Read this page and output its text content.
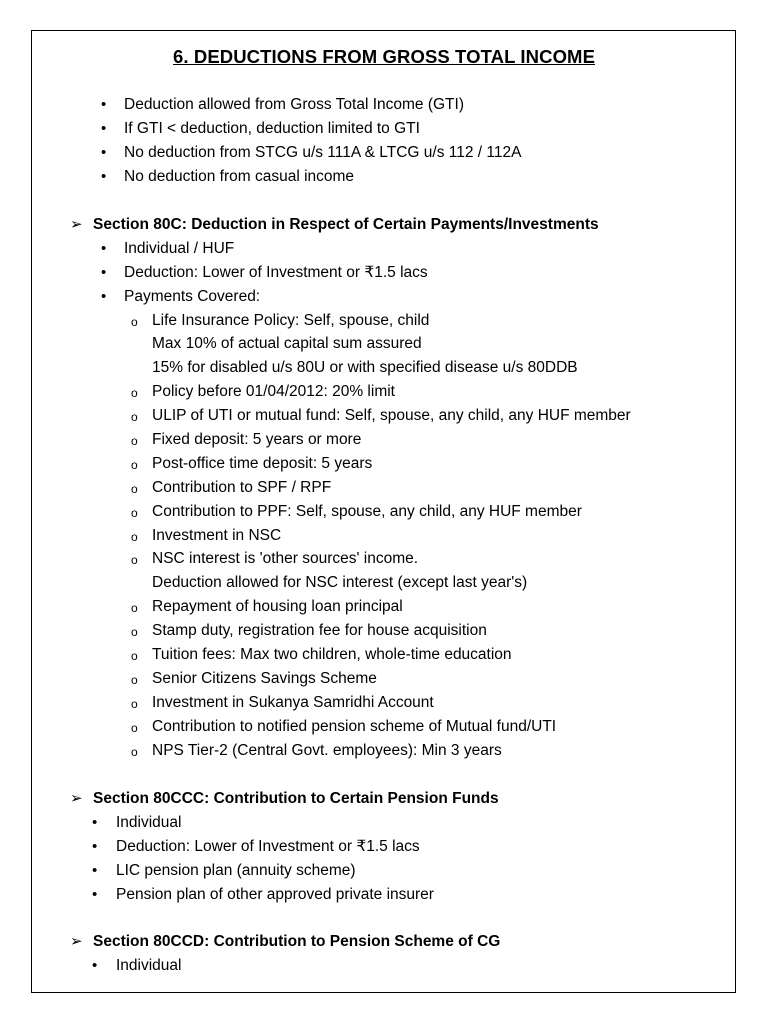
6. DEDUCTIONS FROM GROSS TOTAL INCOME
• Deduction allowed from Gross Total Income (GTI)
• If GTI < deduction, deduction limited to GTI
• No deduction from STCG u/s 111A & LTCG u/s 112 / 112A
• No deduction from casual income
➢ Section 80C: Deduction in Respect of Certain Payments/Investments
• Individual / HUF
• Deduction: Lower of Investment or ₹1.5 lacs
• Payments Covered:
o Life Insurance Policy: Self, spouse, child
Max 10% of actual capital sum assured
15% for disabled u/s 80U or with specified disease u/s 80DDB
o Policy before 01/04/2012: 20% limit
o ULIP of UTI or mutual fund: Self, spouse, any child, any HUF member
o Fixed deposit: 5 years or more
o Post-office time deposit: 5 years
o Contribution to SPF / RPF
o Contribution to PPF: Self, spouse, any child, any HUF member
o Investment in NSC
o NSC interest is 'other sources' income.
Deduction allowed for NSC interest (except last year's)
o Repayment of housing loan principal
o Stamp duty, registration fee for house acquisition
o Tuition fees: Max two children, whole-time education
o Senior Citizens Savings Scheme
o Investment in Sukanya Samridhi Account
o Contribution to notified pension scheme of Mutual fund/UTI
o NPS Tier-2 (Central Govt. employees): Min 3 years
➢ Section 80CCC: Contribution to Certain Pension Funds
• Individual
• Deduction: Lower of Investment or ₹1.5 lacs
• LIC pension plan (annuity scheme)
• Pension plan of other approved private insurer
➢ Section 80CCD: Contribution to Pension Scheme of CG
• Individual
